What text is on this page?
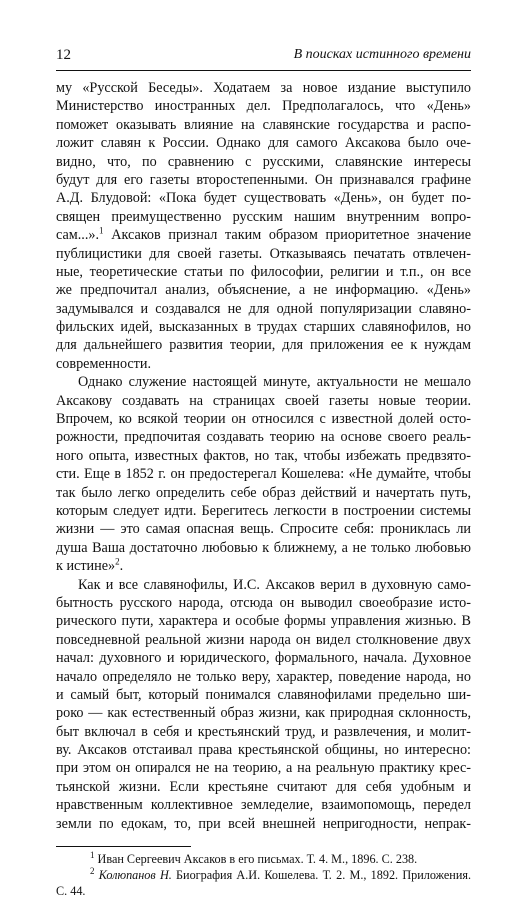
12	В поисках истинного времени
му «Русской Беседы». Ходатаем за новое издание выступило
Министерство иностранных дел. Предполагалось, что «День»
поможет оказывать влияние на славянские государства и распо-
ложит славян к России. Однако для самого Аксакова было оче-
видно, что, по сравнению с русскими, славянские интересы
будут для его газеты второстепенными. Он признавался графине
А.Д. Блудовой: «Пока будет существовать «День», он будет по-
священ преимущественно русским нашим внутренним вопро-
сам...».$^1$ Аксаков признал таким образом приоритетное значение
публицистики для своей газеты. Отказываясь печатать отвлечен-
ные, теоретические статьи по философии, религии и т.п., он все
же предпочитал анализ, объяснение, а не информацию. «День»
задумывался и создавался не для одной популяризации славяно-
фильских идей, высказанных в трудах старших славянофилов, но
для дальнейшего развития теории, для приложения ее к нуждам
современности.
Однако служение настоящей минуте, актуальности не мешало
Аксакову создавать на страницах своей газеты новые теории.
Впрочем, ко всякой теории он относился с известной долей осто-
рожности, предпочитая создавать теорию на основе своего реаль-
ного опыта, известных фактов, но так, чтобы избежать предвзято-
сти. Еще в 1852 г. он предостерегал Кошелева: «Не думайте, чтобы
так было легко определить себе образ действий и начертать путь,
которым следует идти. Берегитесь легкости в построении системы
жизни — это самая опасная вещь. Спросите себя: прониклась ли
душа Ваша достаточно любовью к ближнему, а не только любовью
к истине»$^2$.
Как и все славянофилы, И.С. Аксаков верил в духовную само-
бытность русского народа, отсюда он выводил своеобразие исто-
рического пути, характера и особые формы управления жизнью. В
повседневной реальной жизни народа он видел столкновение двух
начал: духовного и юридического, формального, начала. Духовное
начало определяло не только веру, характер, поведение народа, но
и самый быт, который понимался славянофилами предельно ши-
роко — как естественный образ жизни, как природная склонность,
быт включал в себя и крестьянский труд, и развлечения, и молит-
ву. Аксаков отстаивал права крестьянской общины, но интересно:
при этом он опирался не на теорию, а на реальную практику крес-
тьянской жизни. Если крестьяне считают для себя удобным и
нравственным коллективное земледелие, взаимопомощь, передел
земли по едокам, то, при всей внешней непригодности, непрак-
$^1$ Иван Сергеевич Аксаков в его письмах. Т. 4. М., 1896. С. 238.
$^2$ Колюпанов Н. Биография А.И. Кошелева. Т. 2. М., 1892. Приложения.
С. 44.
